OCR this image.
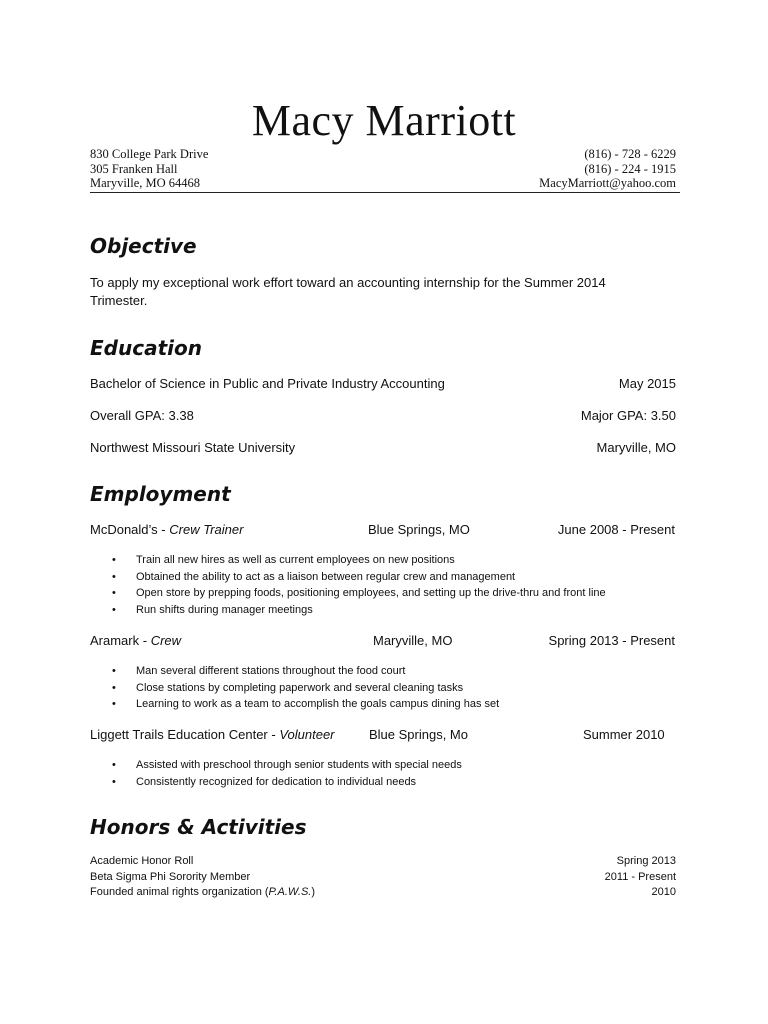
Macy Marriott
830 College Park Drive
305 Franken Hall
Maryville, MO 64468
(816) - 728 - 6229
(816) - 224 - 1915
MacyMarriott@yahoo.com
Objective
To apply my exceptional work effort toward an accounting internship for the Summer 2014
Trimester.
Education
Bachelor of Science in Public and Private Industry Accounting	May 2015
Overall GPA: 3.38	Major GPA: 3.50
Northwest Missouri State University	Maryville, MO
Employment
McDonald’s - Crew Trainer	Blue Springs, MO	June 2008 - Present
• Train all new hires as well as current employees on new positions
• Obtained the ability to act as a liaison between regular crew and management
• Open store by prepping foods, positioning employees, and setting up the drive-thru and front line
• Run shifts during manager meetings
Aramark - Crew	Maryville, MO	Spring 2013 - Present
• Man several different stations throughout the food court
• Close stations by completing paperwork and several cleaning tasks
• Learning to work as a team to accomplish the goals campus dining has set
Liggett Trails Education Center - Volunteer	Blue Springs, Mo	Summer 2010
• Assisted with preschool through senior students with special needs
• Consistently recognized for dedication to individual needs
Honors & Activities
Academic Honor Roll	Spring 2013
Beta Sigma Phi Sorority Member	2011 - Present
Founded animal rights organization (P.A.W.S.)	2010
